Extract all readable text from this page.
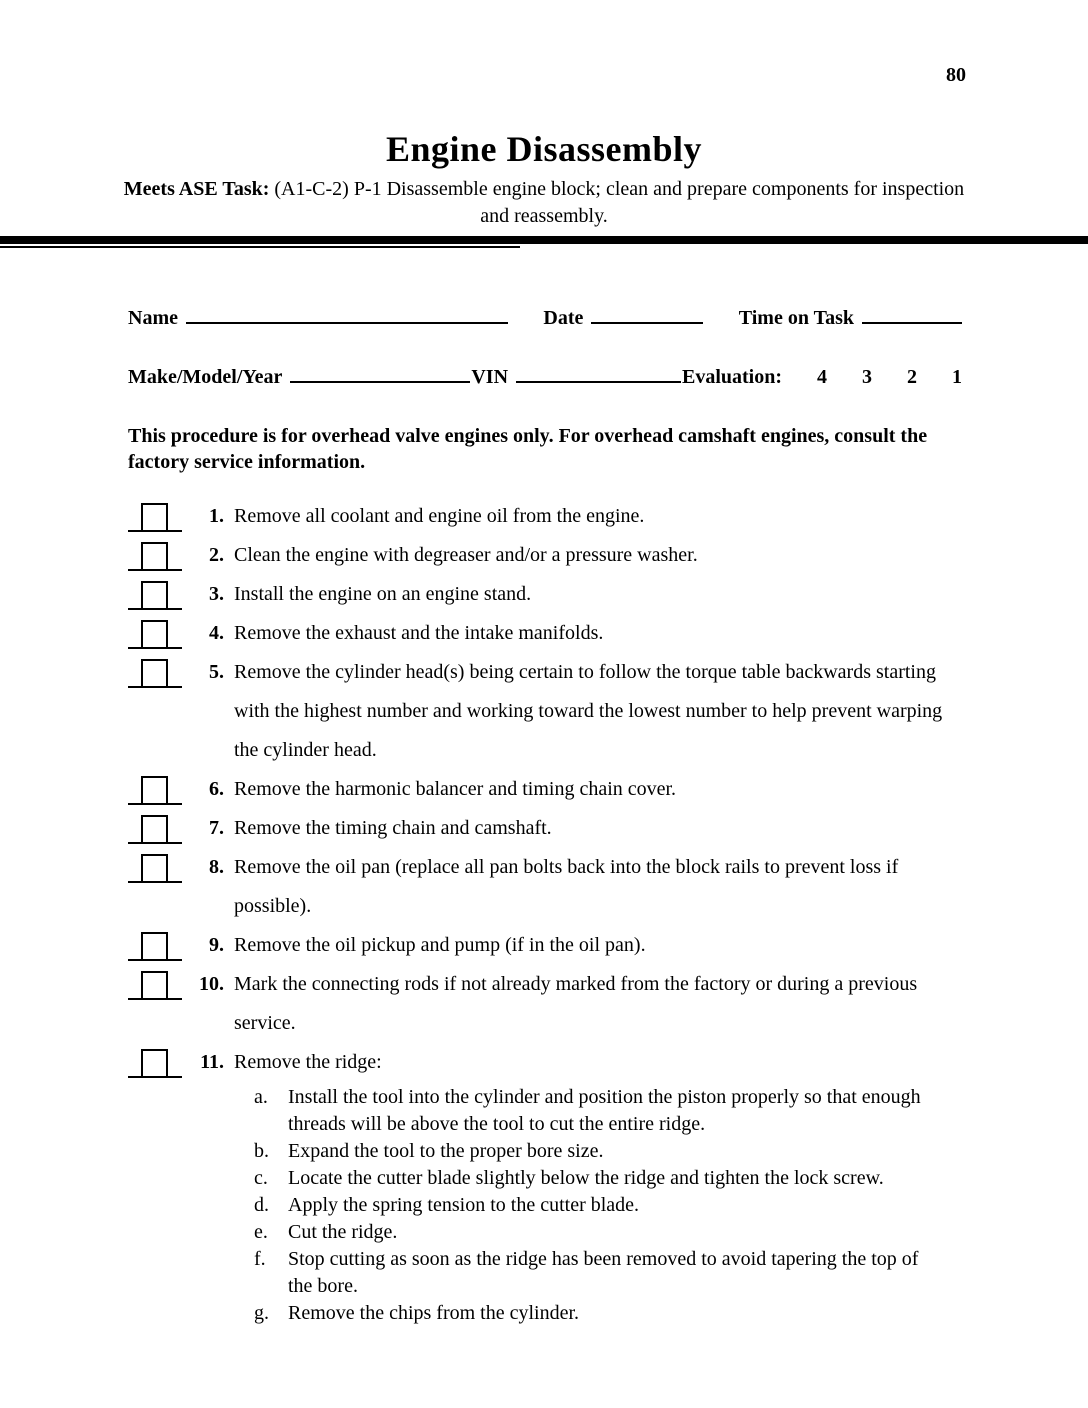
80
Engine Disassembly
Meets ASE Task: (A1-C-2) P-1 Disassemble engine block; clean and prepare components for inspection and reassembly.
Name	Date	Time on Task
Make/Model/Year	VIN	Evaluation: 4 3 2 1
This procedure is for overhead valve engines only. For overhead camshaft engines, consult the factory service information.
1. Remove all coolant and engine oil from the engine.
2. Clean the engine with degreaser and/or a pressure washer.
3. Install the engine on an engine stand.
4. Remove the exhaust and the intake manifolds.
5. Remove the cylinder head(s) being certain to follow the torque table backwards starting with the highest number and working toward the lowest number to help prevent warping the cylinder head.
6. Remove the harmonic balancer and timing chain cover.
7. Remove the timing chain and camshaft.
8. Remove the oil pan (replace all pan bolts back into the block rails to prevent loss if possible).
9. Remove the oil pickup and pump (if in the oil pan).
10. Mark the connecting rods if not already marked from the factory or during a previous service.
11. Remove the ridge:
a.	Install the tool into the cylinder and position the piston properly so that enough threads will be above the tool to cut the entire ridge.
b. Expand the tool to the proper bore size.
c.	Locate the cutter blade slightly below the ridge and tighten the lock screw.
d. Apply the spring tension to the cutter blade.
e.	Cut the ridge.
f.	Stop cutting as soon as the ridge has been removed to avoid tapering the top of the bore.
g. Remove the chips from the cylinder.
